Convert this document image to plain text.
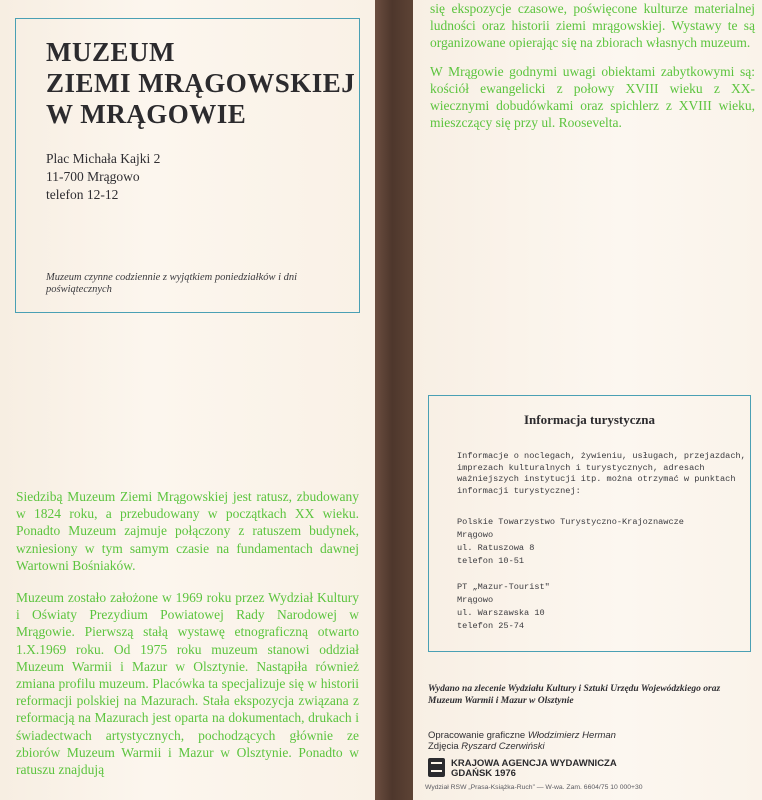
MUZEUM
ZIEMI MRĄGOWSKIEJ
W MRĄGOWIE
Plac Michała Kajki 2
11-700 Mrągowo
telefon 12-12
Muzeum czynne codziennie z wyjątkiem poniedziałków i dni poświątecznych

Siedzibą Muzeum Ziemi Mrągowskiej jest ratusz, zbudowany w 1824 roku, a przebudowany w początkach XX wieku. Ponadto Muzeum zajmuje połączony z ratuszem budynek, wzniesiony w tym samym czasie na fundamentach dawnej Wartowni Bośniaków.

Muzeum zostało założone w 1969 roku przez Wydział Kultury i Oświaty Prezydium Powiatowej Rady Narodowej w Mrągowie. Pierwszą stałą wystawę etnograficzną otwarto 1.X.1969 roku. Od 1975 roku muzeum stanowi oddział Muzeum Warmii i Mazur w Olsztynie. Nastąpiła również zmiana profilu muzeum. Placówka ta specjalizuje się w historii reformacji polskiej na Mazurach. Stała ekspozycja związana z reformacją na Mazurach jest oparta na dokumentach, drukach i świadectwach artystycznych, pochodzących głównie ze zbiorów Muzeum Warmii i Mazur w Olsztynie. Ponadto w ratuszu znajdują

się ekspozycje czasowe, poświęcone kulturze materialnej ludności oraz historii ziemi mrągowskiej. Wystawy te są organizowane opierając się na zbiorach własnych muzeum.

W Mrągowie godnymi uwagi obiektami zabytkowymi są: kościół ewangelicki z połowy XVIII wieku z XX-wiecznymi dobudówkami oraz spichlerz z XVIII wieku, mieszczący się przy ul. Roosevelta.

Informacja turystyczna
Informacje o noclegach, żywieniu, usługach, przejazdach, imprezach kulturalnych i turystycznych, adresach ważniejszych instytucji itp. można otrzymać w punktach informacji turystycznej:
Polskie Towarzystwo Turystyczno-Krajoznawcze
Mrągowo
ul. Ratuszowa 8
telefon 10-51
PT „Mazur-Tourist"
Mrągowo
ul. Warszawska 10
telefon 25-74
Wydano na zlecenie Wydziału Kultury i Sztuki Urzędu Wojewódzkiego oraz Muzeum Warmii i Mazur w Olsztynie
Opracowanie graficzne Włodzimierz Herman
Zdjęcia Ryszard Czerwiński
KRAJOWA AGENCJA WYDAWNICZA
GDAŃSK 1976
Wydział RSW „Prasa-Książka-Ruch” — W-wa. Zam. 6604/75 10 000+30
